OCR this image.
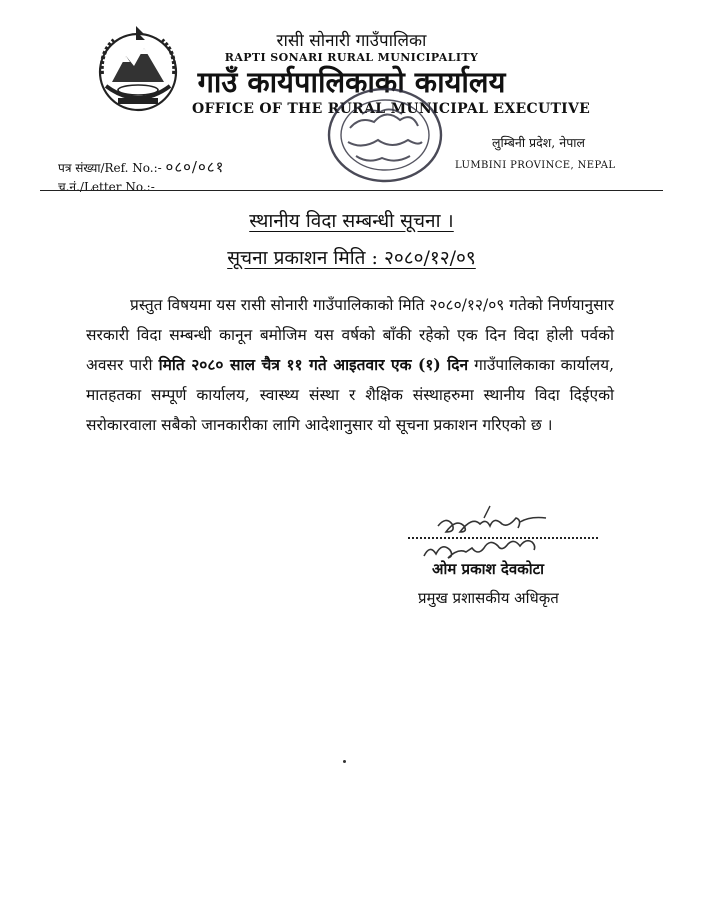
रासी सोनारी गाउँपालिका
RAPTI SONARI RURAL MUNICIPALITY
गाउँ कार्यपालिकाको कार्यालय
OFFICE OF THE RURAL MUNICIPAL EXECUTIVE
लुम्बिनी प्रदेश, नेपाल
LUMBINI PROVINCE, NEPAL
पत्र संख्या/Ref. No.:- ०८०/०८१
च.नं./Letter No.:-
स्थानीय विदा सम्बन्धी सूचना ।
सूचना प्रकाशन मिति : २०८०/१२/०९
प्रस्तुत विषयमा यस रासी सोनारी गाउँपालिकाको मिति २०८०/१२/०९ गतेको निर्णयानुसार सरकारी विदा सम्बन्धी कानून बमोजिम यस वर्षको बाँकी रहेको एक दिन विदा होली पर्वको अवसर पारी मिति २०८० साल चैत्र ११ गते आइतवार एक (१) दिन गाउँपालिकाका कार्यालय, मातहतका सम्पूर्ण कार्यालय, स्वास्थ्य संस्था र शैक्षिक संस्थाहरुमा स्थानीय विदा दिईएको सरोकारवाला सबैको जानकारीका लागि आदेशानुसार यो सूचना प्रकाशन गरिएको छ ।
ओम प्रकाश देवकोटा
प्रमुख प्रशासकीय अधिकृत
